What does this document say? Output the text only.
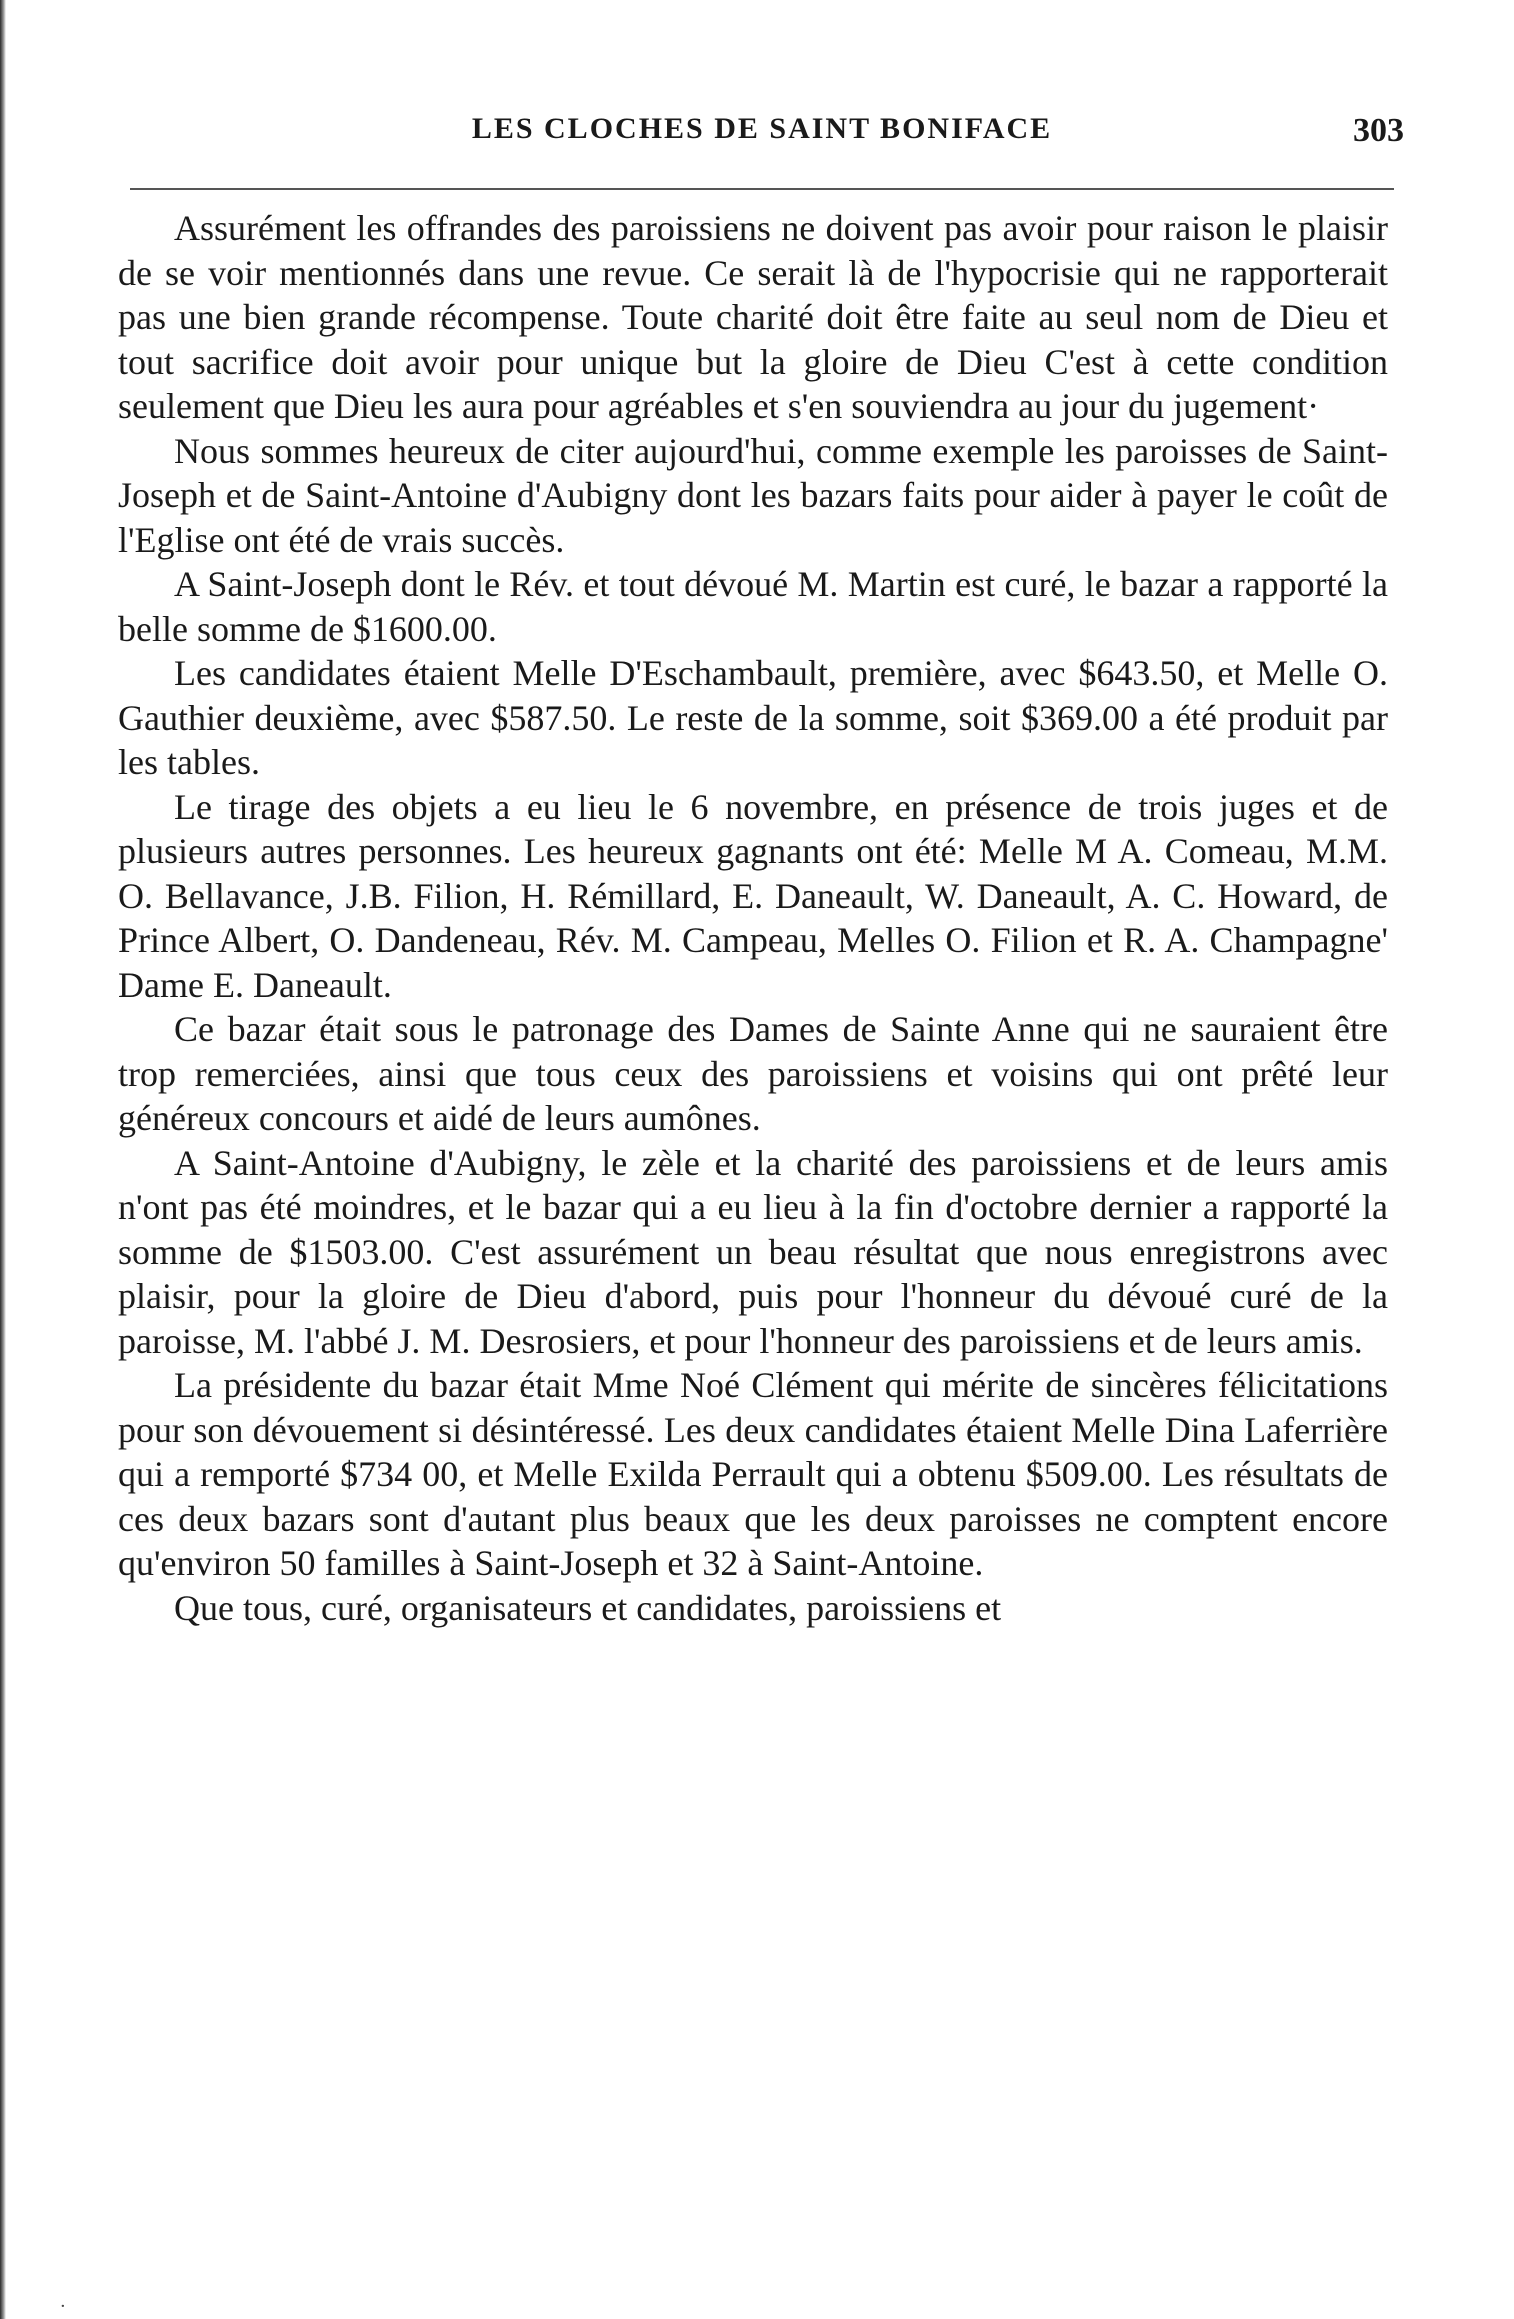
LES CLOCHES DE SAINT BONIFACE	303

Assurément les offrandes des paroissiens ne doivent pas avoir pour raison le plaisir de se voir mentionnés dans une revue. Ce serait là de l'hypocrisie qui ne rapporterait pas une bien grande récompense. Toute charité doit être faite au seul nom de Dieu et tout sacrifice doit avoir pour unique but la gloire de Dieu C'est à cette condition seulement que Dieu les aura pour agréables et s'en souviendra au jour du jugement·

Nous sommes heureux de citer aujourd'hui, comme exemple les paroisses de Saint-Joseph et de Saint-Antoine d'Aubigny dont les bazars faits pour aider à payer le coût de l'Eglise ont été de vrais succès.

A Saint-Joseph dont le Rév. et tout dévoué M. Martin est curé, le bazar a rapporté la belle somme de $1600.00.

Les candidates étaient Melle D'Eschambault, première, avec $643.50, et Melle O. Gauthier deuxième, avec $587.50. Le reste de la somme, soit $369.00 a été produit par les tables.

Le tirage des objets a eu lieu le 6 novembre, en présence de trois juges et de plusieurs autres personnes. Les heureux gagnants ont été: Melle M A. Comeau, M.M. O. Bellavance, J.B. Filion, H. Rémillard, E. Daneault, W. Daneault, A. C. Howard, de Prince Albert, O. Dandeneau, Rév. M. Campeau, Melles O. Filion et R. A. Champagne' Dame E. Daneault.

Ce bazar était sous le patronage des Dames de Sainte Anne qui ne sauraient être trop remerciées, ainsi que tous ceux des paroissiens et voisins qui ont prêté leur généreux concours et aidé de leurs aumônes.

A Saint-Antoine d'Aubigny, le zèle et la charité des paroissiens et de leurs amis n'ont pas été moindres, et le bazar qui a eu lieu à la fin d'octobre dernier a rapporté la somme de $1503.00. C'est assurément un beau résultat que nous enregistrons avec plaisir, pour la gloire de Dieu d'abord, puis pour l'honneur du dévoué curé de la paroisse, M. l'abbé J. M. Desrosiers, et pour l'honneur des paroissiens et de leurs amis.

La présidente du bazar était Mme Noé Clément qui mérite de sincères félicitations pour son dévouement si désintéressé. Les deux candidates étaient Melle Dina Laferrière qui a remporté $734 00, et Melle Exilda Perrault qui a obtenu $509.00. Les résultats de ces deux bazars sont d'autant plus beaux que les deux paroisses ne comptent encore qu'environ 50 familles à Saint-Joseph et 32 à Saint-Antoine.

Que tous, curé, organisateurs et candidates, paroissiens et

·
